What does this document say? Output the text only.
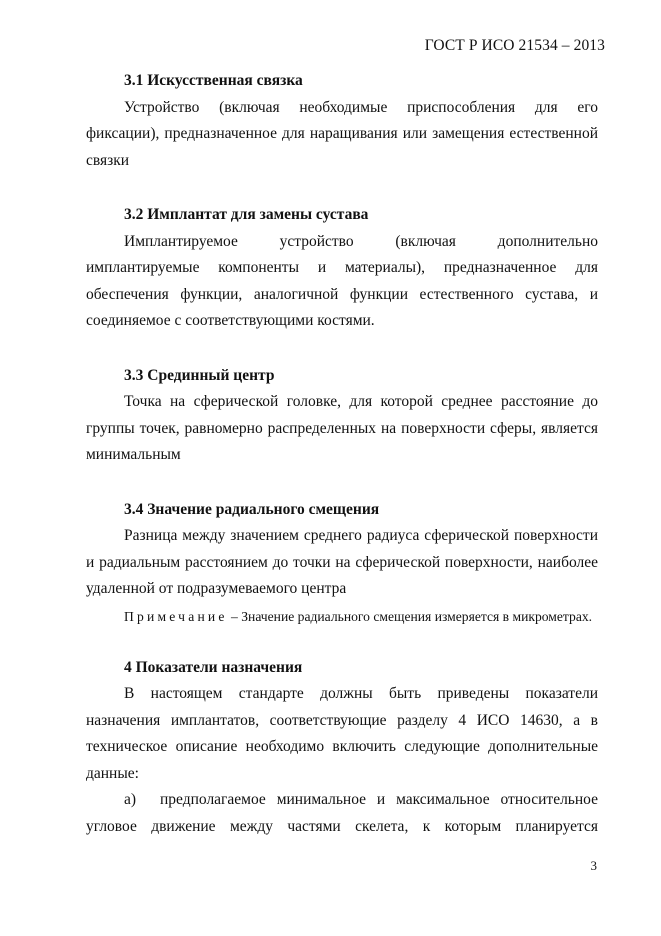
ГОСТ Р ИСО 21534 – 2013

3.1 Искусственная связка

Устройство (включая необходимые приспособления для его

фиксации), предназначенное для наращивания или замещения естественной

связки

3.2 Имплантат для замены сустава

Имплантируемое устройство (включая дополнительно

имплантируемые компоненты и материалы), предназначенное для

обеспечения функции, аналогичной функции естественного сустава, и

соединяемое с соответствующими костями.

3.3 Срединный центр

Точка на сферической головке, для которой среднее расстояние до

группы точек, равномерно распределенных на поверхности сферы, является

минимальным

3.4 Значение радиального смещения

Разница между значением среднего радиуса сферической поверхности

и радиальным расстоянием до точки на сферической поверхности, наиболее

удаленной от подразумеваемого центра

Примечание – Значение радиального смещения измеряется в микрометрах.

4 Показатели назначения

В настоящем стандарте должны быть приведены показатели

назначения имплантатов, соответствующие разделу 4 ИСО 14630, а в

техническое описание необходимо включить следующие дополнительные

данные:

а) предполагаемое минимальное и максимальное относительное

угловое движение между частями скелета, к которым планируется

3
